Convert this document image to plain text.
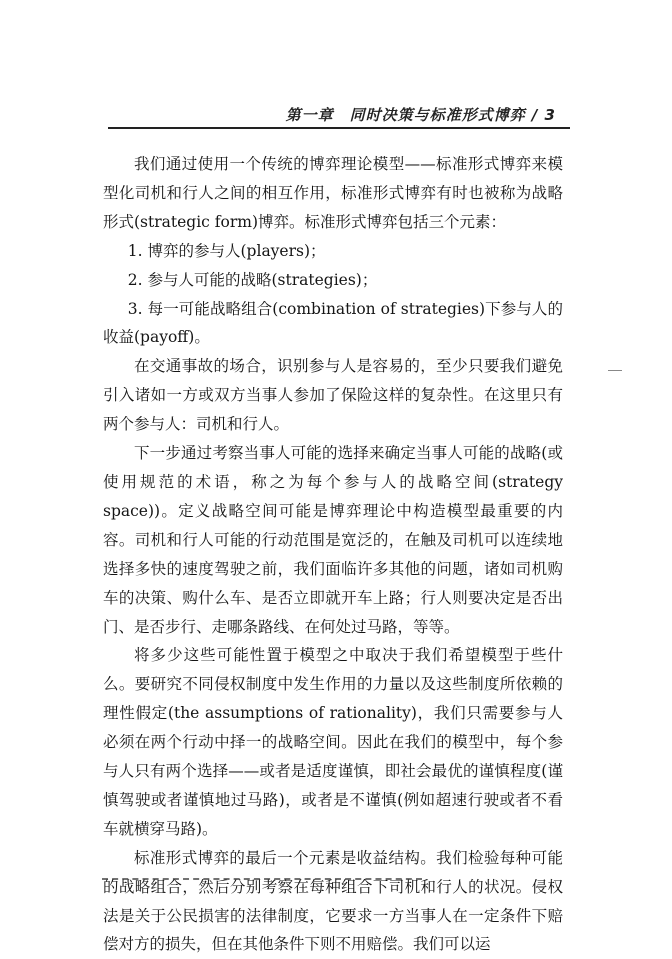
第一章　同时决策与标准形式博弈 / 3

我们通过使用一个传统的博弈理论模型——标准形式博弈来模型化司机和行人之间的相互作用，标准形式博弈有时也被称为战略形式(strategic form)博弈。标准形式博弈包括三个元素：

1. 博弈的参与人(players)；

2. 参与人可能的战略(strategies)；

3. 每一可能战略组合(combination of strategies)下参与人的收益(payoff)。

在交通事故的场合，识别参与人是容易的，至少只要我们避免引入诸如一方或双方当事人参加了保险这样的复杂性。在这里只有两个参与人：司机和行人。

下一步通过考察当事人可能的选择来确定当事人可能的战略(或使用规范的术语，称之为每个参与人的战略空间(strategy space))。定义战略空间可能是博弈理论中构造模型最重要的内容。司机和行人可能的行动范围是宽泛的，在触及司机可以连续地选择多快的速度驾驶之前，我们面临许多其他的问题，诸如司机购车的决策、购什么车、是否立即就开车上路；行人则要决定是否出门、是否步行、走哪条路线、在何处过马路，等等。

将多少这些可能性置于模型之中取决于我们希望模型于些什么。要研究不同侵权制度中发生作用的力量以及这些制度所依赖的理性假定(the assumptions of rationality)，我们只需要参与人必须在两个行动中择一的战略空间。因此在我们的模型中，每个参与人只有两个选择——或者是适度谨慎，即社会最优的谨慎程度(谨慎驾驶或者谨慎地过马路)，或者是不谨慎(例如超速行驶或者不看车就横穿马路)。

标准形式博弈的最后一个元素是收益结构。我们检验每种可能的战略组合，然后分别考察在每种组合下司机和行人的状况。侵权法是关于公民损害的法律制度，它要求一方当事人在一定条件下赔偿对方的损失，但在其他条件下则不用赔偿。我们可以运
